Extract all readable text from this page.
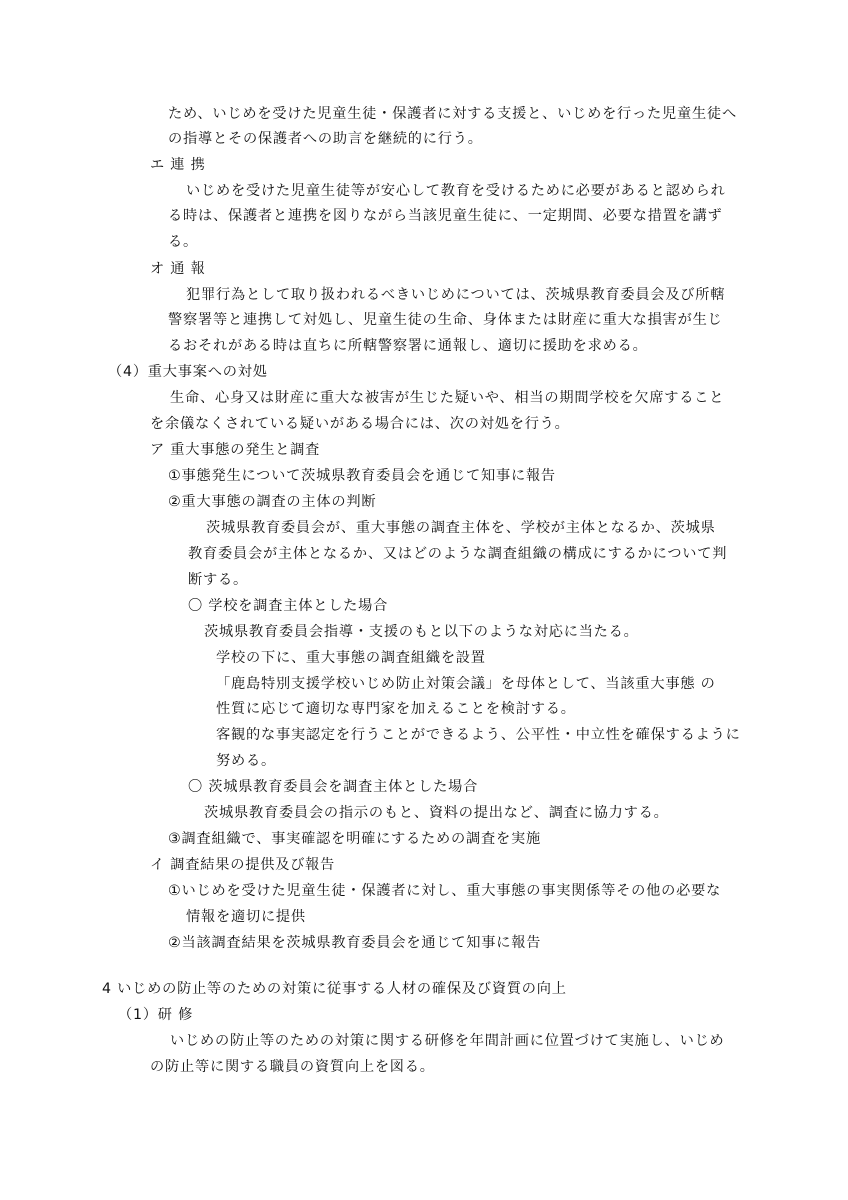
ため、いじめを受けた児童生徒・保護者に対する支援と、いじめを行った児童生徒へ
の指導とその保護者への助言を継続的に行う。
エ 連 携
いじめを受けた児童生徒等が安心して教育を受けるために必要があると認められ
る時は、保護者と連携を図りながら当該児童生徒に、一定期間、必要な措置を講ず
る。
オ 通 報
犯罪行為として取り扱われるべきいじめについては、茨城県教育委員会及び所轄
警察署等と連携して対処し、児童生徒の生命、身体または財産に重大な損害が生じ
るおそれがある時は直ちに所轄警察署に通報し、適切に援助を求める。
（4）重大事案への対処
生命、心身又は財産に重大な被害が生じた疑いや、相当の期間学校を欠席すること
を余儀なくされている疑いがある場合には、次の対処を行う。
ア 重大事態の発生と調査
①事態発生について茨城県教育委員会を通じて知事に報告
②重大事態の調査の主体の判断
茨城県教育委員会が、重大事態の調査主体を、学校が主体となるか、茨城県
教育委員会が主体となるか、又はどのような調査組織の構成にするかについて判
断する。
〇 学校を調査主体とした場合
茨城県教育委員会指導・支援のもと以下のような対応に当たる。
学校の下に、重大事態の調査組織を設置
「鹿島特別支援学校いじめ防止対策会議」を母体として、当該重大事態 の
性質に応じて適切な専門家を加えることを検討する。
客観的な事実認定を行うことができるよう、公平性・中立性を確保するように
努める。
〇 茨城県教育委員会を調査主体とした場合
茨城県教育委員会の指示のもと、資料の提出など、調査に協力する。
③調査組織で、事実確認を明確にするための調査を実施
イ 調査結果の提供及び報告
①いじめを受けた児童生徒・保護者に対し、重大事態の事実関係等その他の必要な
情報を適切に提供
②当該調査結果を茨城県教育委員会を通じて知事に報告
4 いじめの防止等のための対策に従事する人材の確保及び資質の向上
（1）研 修
いじめの防止等のための対策に関する研修を年間計画に位置づけて実施し、いじめ
の防止等に関する職員の資質向上を図る。
